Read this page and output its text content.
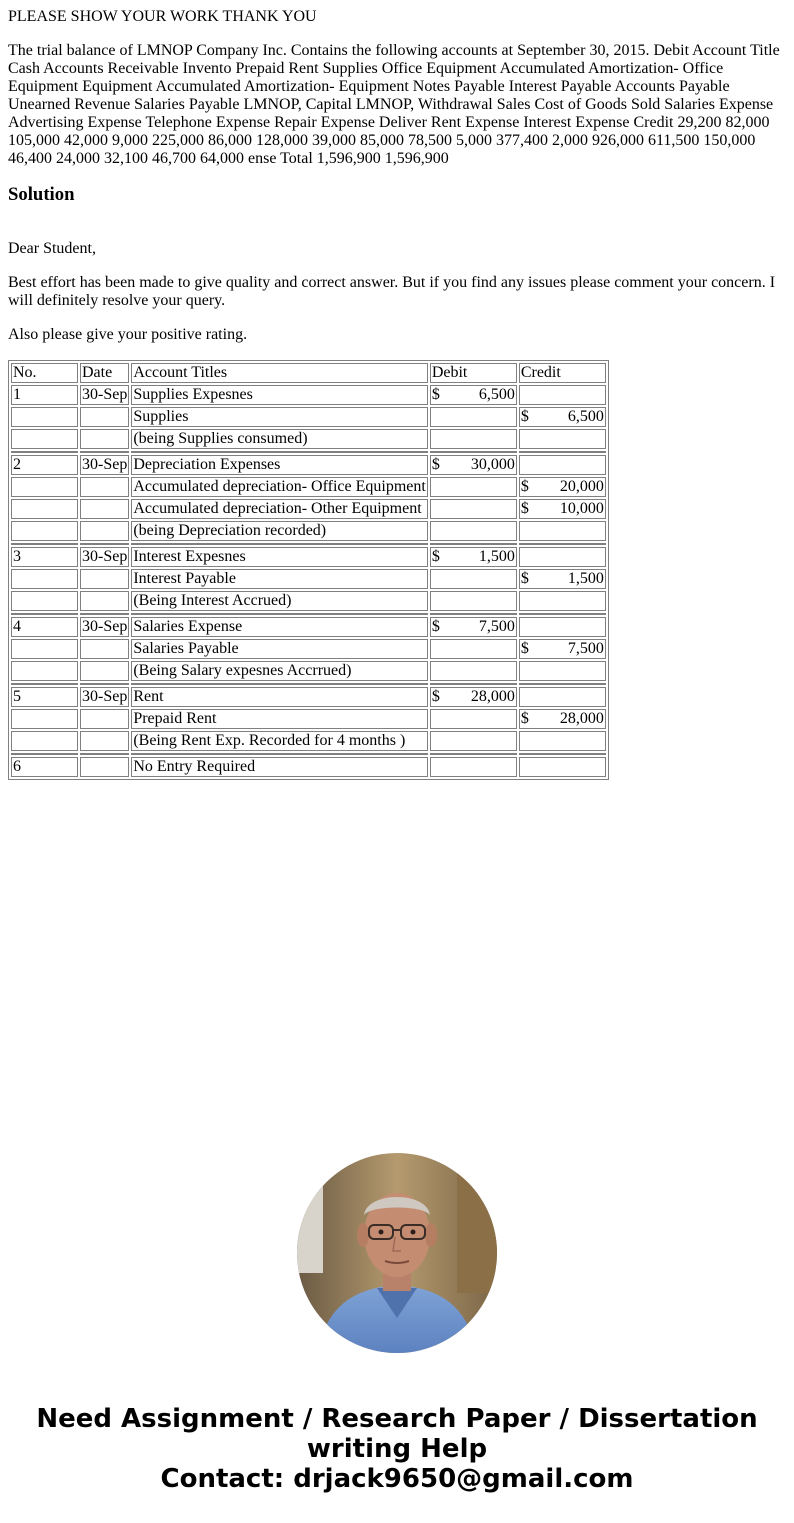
PLEASE SHOW YOUR WORK THANK YOU

The trial balance of LMNOP Company Inc. Contains the following accounts at September 30, 2015. Debit Account Title Cash Accounts Receivable Invento Prepaid Rent Supplies Office Equipment Accumulated Amortization- Office Equipment Equipment Accumulated Amortization- Equipment Notes Payable Interest Payable Accounts Payable Unearned Revenue Salaries Payable LMNOP, Capital LMNOP, Withdrawal Sales Cost of Goods Sold Salaries Expense Advertising Expense Telephone Expense Repair Expense Deliver Rent Expense Interest Expense Credit 29,200 82,000 105,000 42,000 9,000 225,000 86,000 128,000 39,000 85,000 78,500 5,000 377,400 2,000 926,000 611,500 150,000 46,400 24,000 32,100 46,700 64,000 ense Total 1,596,900 1,596,900

Solution

Dear Student,

Best effort has been made to give quality and correct answer. But if you find any issues please comment your concern. I will definitely resolve your query.

Also please give your positive rating.

No.	Date	Account Titles	Debit	Credit
1	30-Sep	Supplies Expesnes	$ 6,500	

		Supplies		$ 6,500

		(being Supplies consumed)		

2	30-Sep	Depreciation Expenses	$ 30,000	

		Accumulated depreciation- Office Equipment		$ 20,000

		Accumulated depreciation- Other Equipment		$ 10,000

		(being Depreciation recorded)		

3	30-Sep	Interest Expesnes	$ 1,500	

		Interest Payable		$ 1,500

		(Being Interest Accrued)		

4	30-Sep	Salaries Expense	$ 7,500	

		Salaries Payable		$ 7,500

		(Being Salary expesnes Accrrued)		

5	30-Sep	Rent	$ 28,000	

		Prepaid Rent		$ 28,000

		(Being Rent Exp. Recorded for 4 months )		

6		No Entry Required		
Need Assignment / Research Paper / Dissertation
writing Help
Contact: drjack9650@gmail.com
